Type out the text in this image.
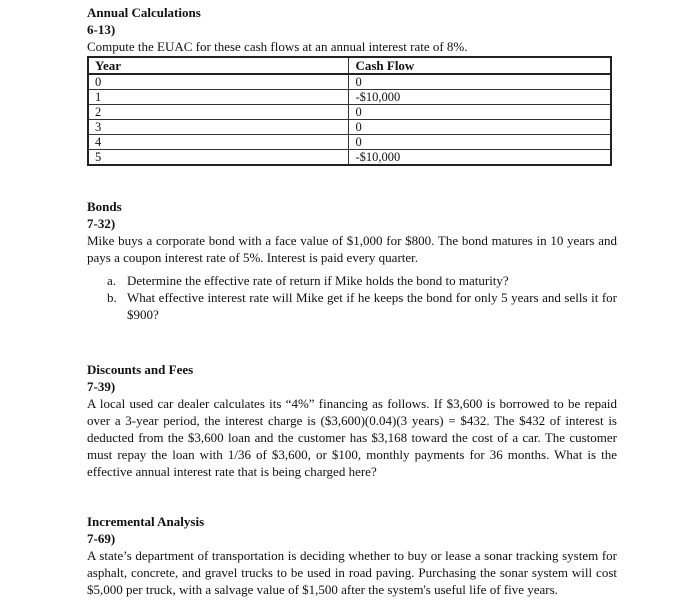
Annual Calculations

6-13)

Compute the EUAC for these cash flows at an annual interest rate of 8%.

Year	Cash Flow
0	0
1	-$10,000
2	0
3	0
4	0
5	-$10,000

Bonds

7-32)

Mike buys a corporate bond with a face value of $1,000 for $800. The bond matures in 10 years and pays a coupon interest rate of 5%. Interest is paid every quarter.

a. Determine the effective rate of return if Mike holds the bond to maturity?
b. What effective interest rate will Mike get if he keeps the bond for only 5 years and sells it for $900?

Discounts and Fees

7-39)

A local used car dealer calculates its “4%” financing as follows. If $3,600 is borrowed to be repaid over a 3-year period, the interest charge is ($3,600)(0.04)(3 years) = $432. The $432 of interest is deducted from the $3,600 loan and the customer has $3,168 toward the cost of a car. The customer must repay the loan with 1/36 of $3,600, or $100, monthly payments for 36 months. What is the effective annual interest rate that is being charged here?

Incremental Analysis

7-69)

A state’s department of transportation is deciding whether to buy or lease a sonar tracking system for asphalt, concrete, and gravel trucks to be used in road paving. Purchasing the sonar system will cost $5,000 per truck, with a salvage value of $1,500 after the system's useful life of five years.
